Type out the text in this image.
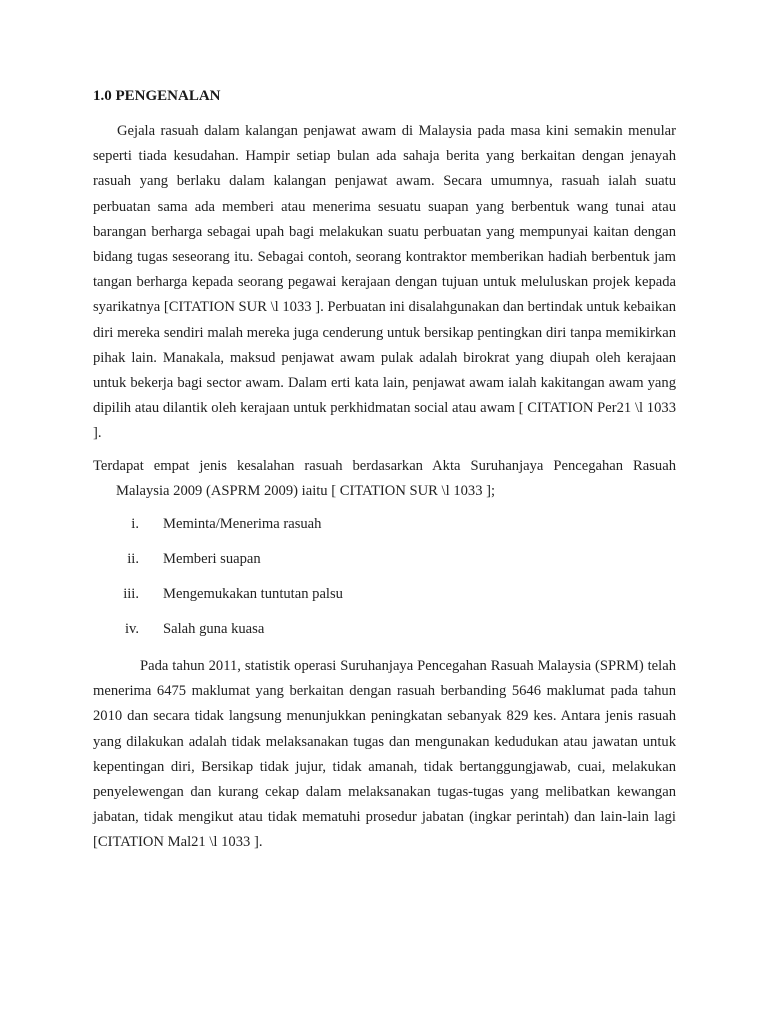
1.0 PENGENALAN

Gejala rasuah dalam kalangan penjawat awam di Malaysia pada masa kini semakin menular seperti tiada kesudahan. Hampir setiap bulan ada sahaja berita yang berkaitan dengan jenayah rasuah yang berlaku dalam kalangan penjawat awam. Secara umumnya, rasuah ialah suatu perbuatan sama ada memberi atau menerima sesuatu suapan yang berbentuk wang tunai atau barangan berharga sebagai upah bagi melakukan suatu perbuatan yang mempunyai kaitan dengan bidang tugas seseorang itu. Sebagai contoh, seorang kontraktor memberikan hadiah berbentuk jam tangan berharga kepada seorang pegawai kerajaan dengan tujuan untuk meluluskan projek kepada syarikatnya [CITATION SUR \l 1033 ]. Perbuatan ini disalahgunakan dan bertindak untuk kebaikan diri mereka sendiri malah mereka juga cenderung untuk bersikap pentingkan diri tanpa memikirkan pihak lain. Manakala, maksud penjawat awam pulak adalah birokrat yang diupah oleh kerajaan untuk bekerja bagi sector awam. Dalam erti kata lain, penjawat awam ialah kakitangan awam yang dipilih atau dilantik oleh kerajaan untuk perkhidmatan social atau awam [ CITATION Per21 \l 1033 ].

Terdapat empat jenis kesalahan rasuah berdasarkan Akta Suruhanjaya Pencegahan Rasuah Malaysia 2009 (ASPRM 2009) iaitu [ CITATION SUR \l 1033 ];

i. Meminta/Menerima rasuah
ii. Memberi suapan
iii. Mengemukakan tuntutan palsu
iv. Salah guna kuasa

Pada tahun 2011, statistik operasi Suruhanjaya Pencegahan Rasuah Malaysia (SPRM) telah menerima 6475 maklumat yang berkaitan dengan rasuah berbanding 5646 maklumat pada tahun 2010 dan secara tidak langsung menunjukkan peningkatan sebanyak 829 kes. Antara jenis rasuah yang dilakukan adalah tidak melaksanakan tugas dan mengunakan kedudukan atau jawatan untuk kepentingan diri, Bersikap tidak jujur, tidak amanah, tidak bertanggungjawab, cuai, melakukan penyelewengan dan kurang cekap dalam melaksanakan tugas-tugas yang melibatkan kewangan jabatan, tidak mengikut atau tidak mematuhi prosedur jabatan (ingkar perintah) dan lain-lain lagi [CITATION Mal21 \l 1033 ].
